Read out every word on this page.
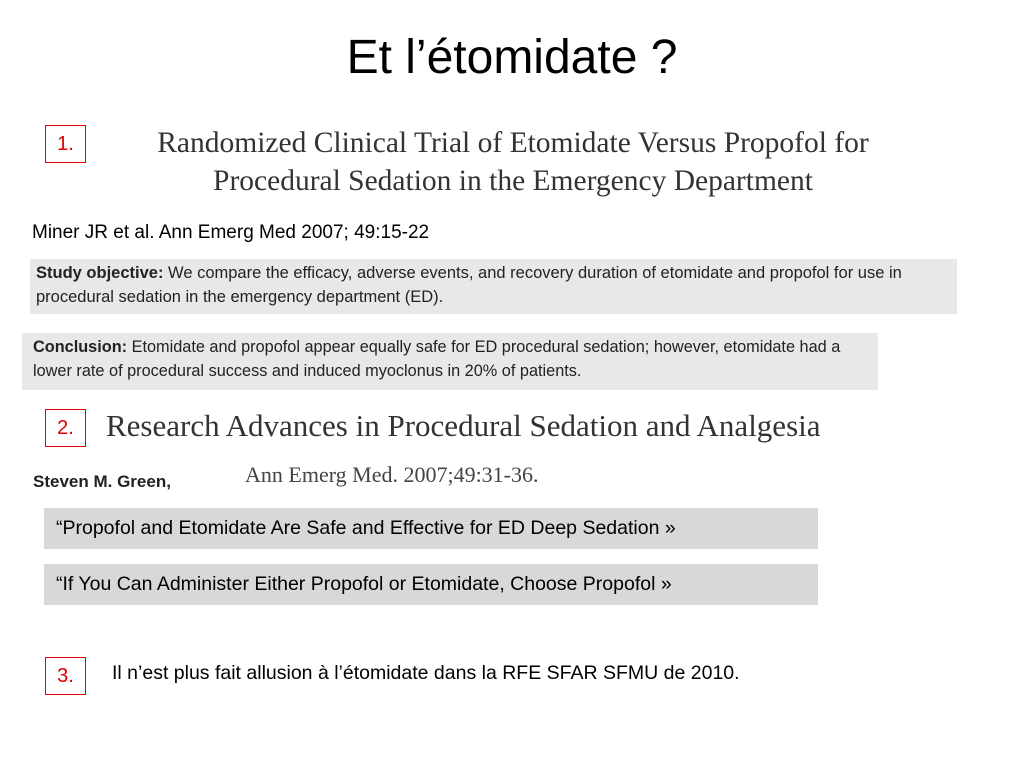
Et l’étomidate ?
1.	Randomized Clinical Trial of Etomidate Versus Propofol for
Procedural Sedation in the Emergency Department
Miner JR et al. Ann Emerg Med 2007; 49:15-22
Study objective: We compare the efficacy, adverse events, and recovery duration of etomidate and propofol for use in procedural sedation in the emergency department (ED).
Conclusion: Etomidate and propofol appear equally safe for ED procedural sedation; however, etomidate had a lower rate of procedural success and induced myoclonus in 20% of patients.
2.	Research Advances in Procedural Sedation and Analgesia
Steven M. Green,	Ann Emerg Med. 2007;49:31-36.
“Propofol and Etomidate Are Safe and Effective for ED Deep Sedation »
“If You Can Administer Either Propofol or Etomidate, Choose Propofol »
3.	Il n’est plus fait allusion à l’étomidate dans la RFE SFAR SFMU de 2010.
